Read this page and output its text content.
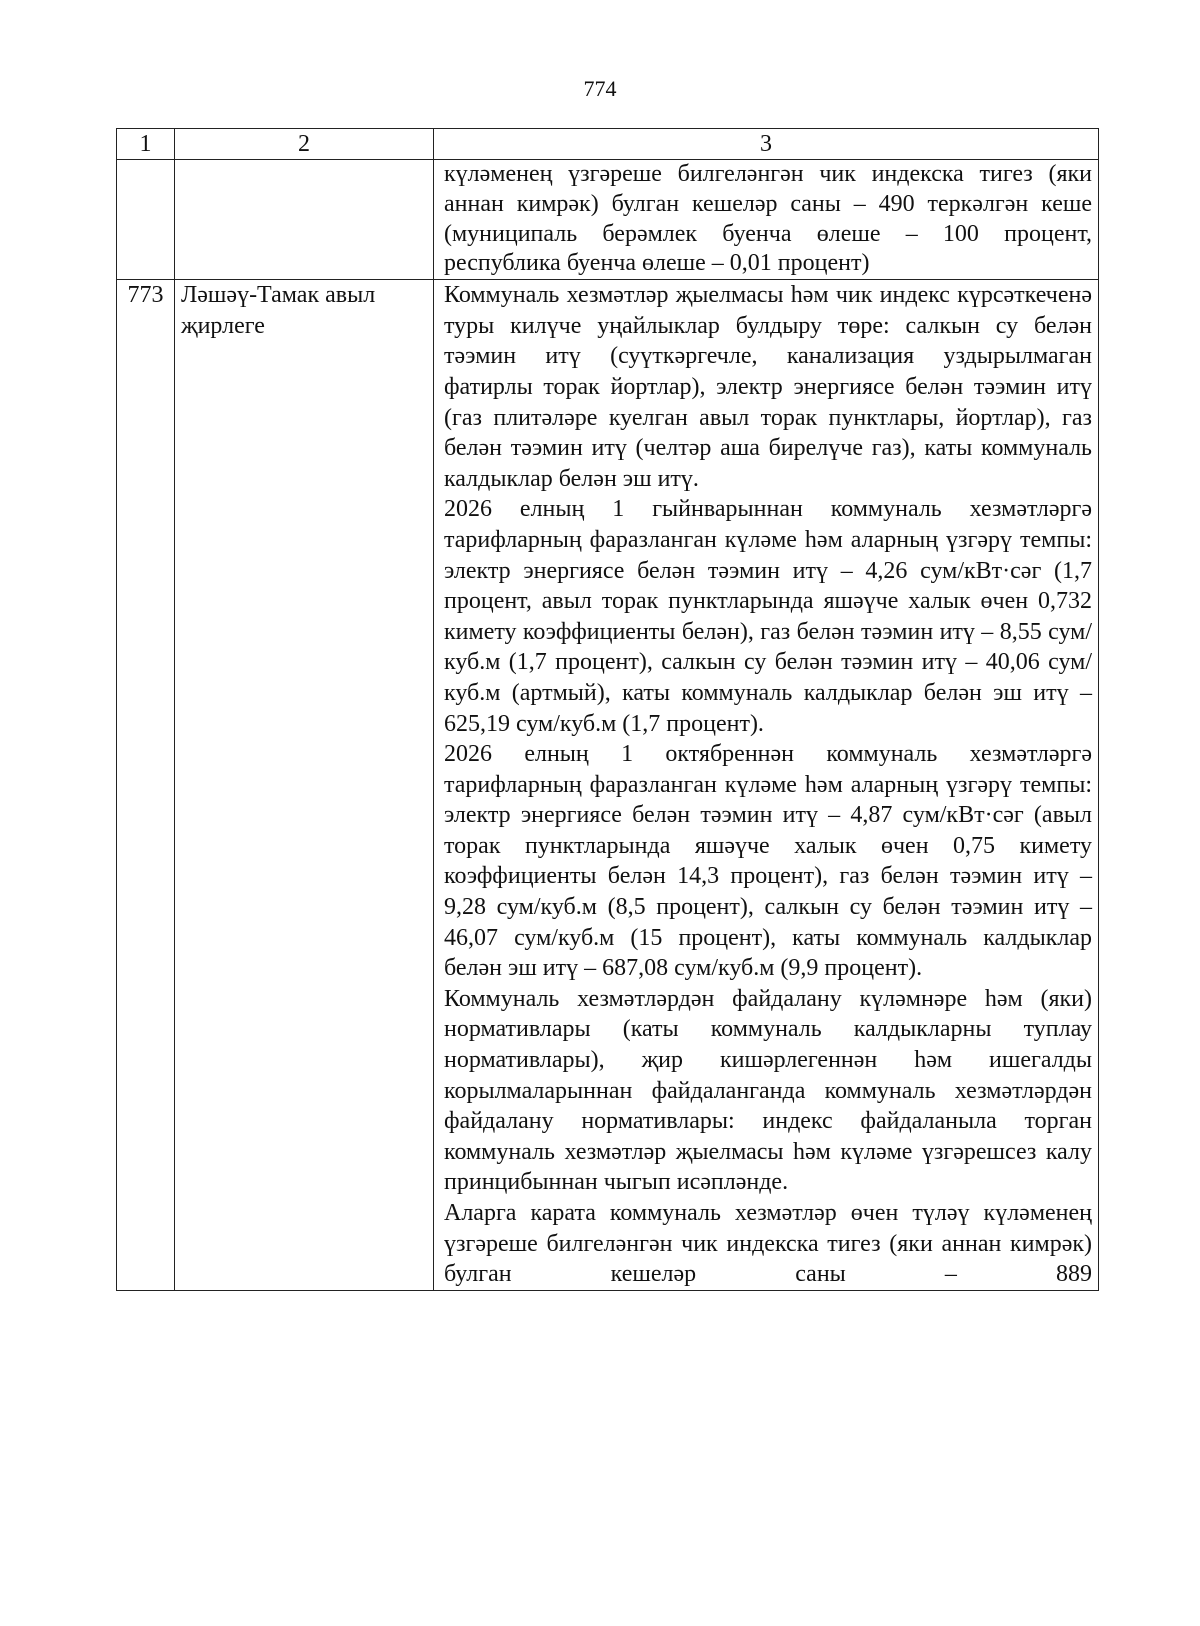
774
1	2	3

		күләменең үзгәреше билгеләнгән чик индекска тигез (яки аннан кимрәк) булган кешеләр саны – 490 теркәлгән кеше (муниципаль берәмлек буенча өлеше – 100 процент, республика буенча өлеше – 0,01 процент)

773	Ләшәү-Тамак авыл җирлеге	Коммуналь хезмәтләр җыелмасы һәм чик индекс күрсәткеченә туры килүче уңайлыклар булдыру төре: салкын су белән тәэмин итү (суүткәргечле, канализация уздырылмаган фатирлы торак йортлар), электр энергиясе белән тәэмин итү (газ плитәләре куелган авыл торак пунктлары, йортлар), газ белән тәэмин итү (челтәр аша бирелүче газ), каты коммуналь калдыклар белән эш итү.

2026 елның 1 гыйнварыннан коммуналь хезмәтләргә тарифларның фаразланган күләме һәм аларның үзгәрү темпы: электр энергиясе белән тәэмин итү – 4,26 сум/кВт·сәг (1,7 процент, авыл торак пунктларында яшәүче халык өчен 0,732 кимету коэффициенты белән), газ белән тәэмин итү – 8,55 сум/куб.м (1,7 процент), салкын су белән тәэмин итү – 40,06 сум/куб.м (артмый), каты коммуналь калдыклар белән эш итү – 625,19 сум/куб.м (1,7 процент).

2026 елның 1 октябреннән коммуналь хезмәтләргә тарифларның фаразланган күләме һәм аларның үзгәрү темпы: электр энергиясе белән тәэмин итү – 4,87 сум/кВт·сәг (авыл торак пунктларында яшәүче халык өчен 0,75 кимету коэффициенты белән 14,3 процент), газ белән тәэмин итү – 9,28 сум/куб.м (8,5 процент), салкын су белән тәэмин итү – 46,07 сум/куб.м (15 процент), каты коммуналь калдыклар белән эш итү – 687,08 сум/куб.м (9,9 процент).

Коммуналь хезмәтләрдән файдалану күләмнәре һәм (яки) нормативлары (каты коммуналь калдыкларны туплау нормативлары), җир кишәрлегеннән һәм ишегалды корылмаларыннан файдаланганда коммуналь хезмәтләрдән файдалану нормативлары: индекс файдаланыла торган коммуналь хезмәтләр җыелмасы һәм күләме үзгәрешсез калу принцибыннан чыгып исәпләнде.

Аларга карата коммуналь хезмәтләр өчен түләү күләменең үзгәреше билгеләнгән чик индекска тигез (яки аннан кимрәк) булган кешеләр саны – 889
